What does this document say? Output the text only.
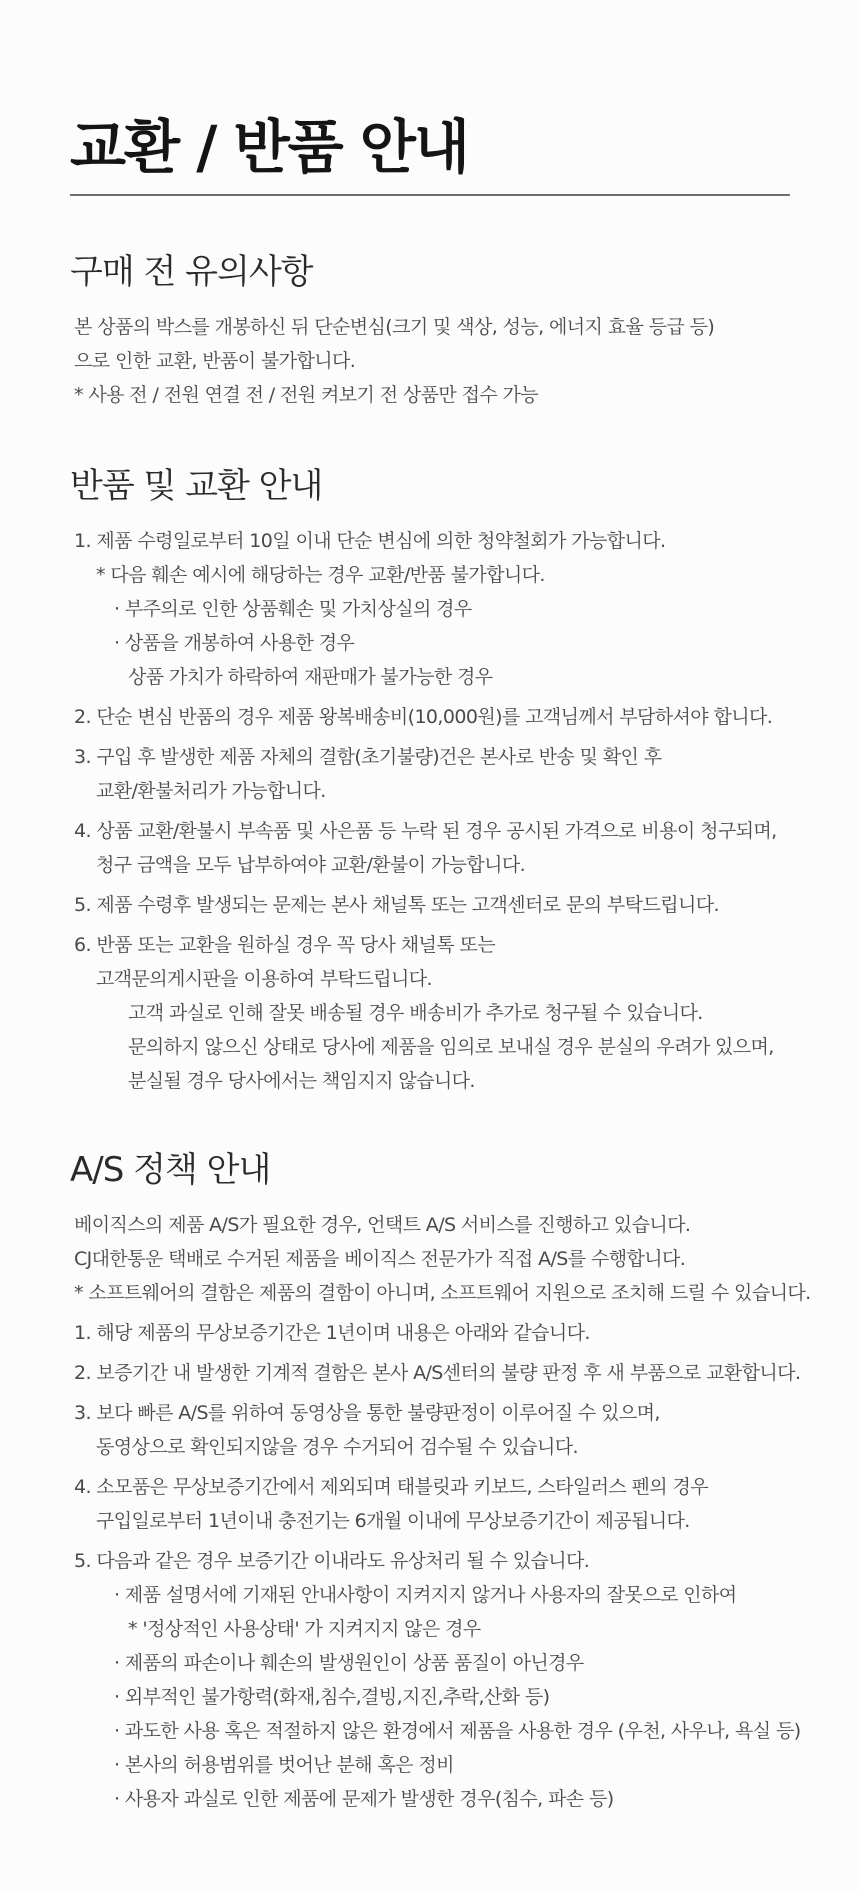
교환 / 반품 안내
구매 전 유의사항
본 상품의 박스를 개봉하신 뒤 단순변심(크기 및 색상, 성능, 에너지 효율 등급 등)
으로 인한 교환, 반품이 불가합니다.
* 사용 전 / 전원 연결 전 / 전원 켜보기 전 상품만 접수 가능
반품 및 교환 안내
1. 제품 수령일로부터 10일 이내 단순 변심에 의한 청약철회가 가능합니다.
* 다음 훼손 예시에 해당하는 경우 교환/반품 불가합니다.
· 부주의로 인한 상품훼손 및 가치상실의 경우
· 상품을 개봉하여 사용한 경우
상품 가치가 하락하여 재판매가 불가능한 경우
2. 단순 변심 반품의 경우 제품 왕복배송비(10,000원)를 고객님께서 부담하셔야 합니다.
3. 구입 후 발생한 제품 자체의 결함(초기불량)건은 본사로 반송 및 확인 후
교환/환불처리가 가능합니다.
4. 상품 교환/환불시 부속품 및 사은품 등 누락 된 경우 공시된 가격으로 비용이 청구되며,
청구 금액을 모두 납부하여야 교환/환불이 가능합니다.
5. 제품 수령후 발생되는 문제는 본사 채널톡 또는 고객센터로 문의 부탁드립니다.
6. 반품 또는 교환을 원하실 경우 꼭 당사 채널톡 또는
고객문의게시판을 이용하여 부탁드립니다.
고객 과실로 인해 잘못 배송될 경우 배송비가 추가로 청구될 수 있습니다.
문의하지 않으신 상태로 당사에 제품을 임의로 보내실 경우 분실의 우려가 있으며,
분실될 경우 당사에서는 책임지지 않습니다.
A/S 정책 안내
베이직스의 제품 A/S가 필요한 경우, 언택트 A/S 서비스를 진행하고 있습니다.
CJ대한통운 택배로 수거된 제품을 베이직스 전문가가 직접 A/S를 수행합니다.
* 소프트웨어의 결함은 제품의 결함이 아니며, 소프트웨어 지원으로 조치해 드릴 수 있습니다.
1. 해당 제품의 무상보증기간은 1년이며 내용은 아래와 같습니다.
2. 보증기간 내 발생한 기계적 결함은 본사 A/S센터의 불량 판정 후 새 부품으로 교환합니다.
3. 보다 빠른 A/S를 위하여 동영상을 통한 불량판정이 이루어질 수 있으며,
동영상으로 확인되지않을 경우 수거되어 검수될 수 있습니다.
4. 소모품은 무상보증기간에서 제외되며 태블릿과 키보드, 스타일러스 펜의 경우
구입일로부터 1년이내 충전기는 6개월 이내에 무상보증기간이 제공됩니다.
5. 다음과 같은 경우 보증기간 이내라도 유상처리 될 수 있습니다.
· 제품 설명서에 기재된 안내사항이 지켜지지 않거나 사용자의 잘못으로 인하여
* '정상적인 사용상태' 가 지켜지지 않은 경우
· 제품의 파손이나 훼손의 발생원인이 상품 품질이 아닌경우
· 외부적인 불가항력(화재,침수,결빙,지진,추락,산화 등)
· 과도한 사용 혹은 적절하지 않은 환경에서 제품을 사용한 경우 (우천, 사우나, 욕실 등)
· 본사의 허용범위를 벗어난 분해 혹은 정비
· 사용자 과실로 인한 제품에 문제가 발생한 경우(침수, 파손 등)
